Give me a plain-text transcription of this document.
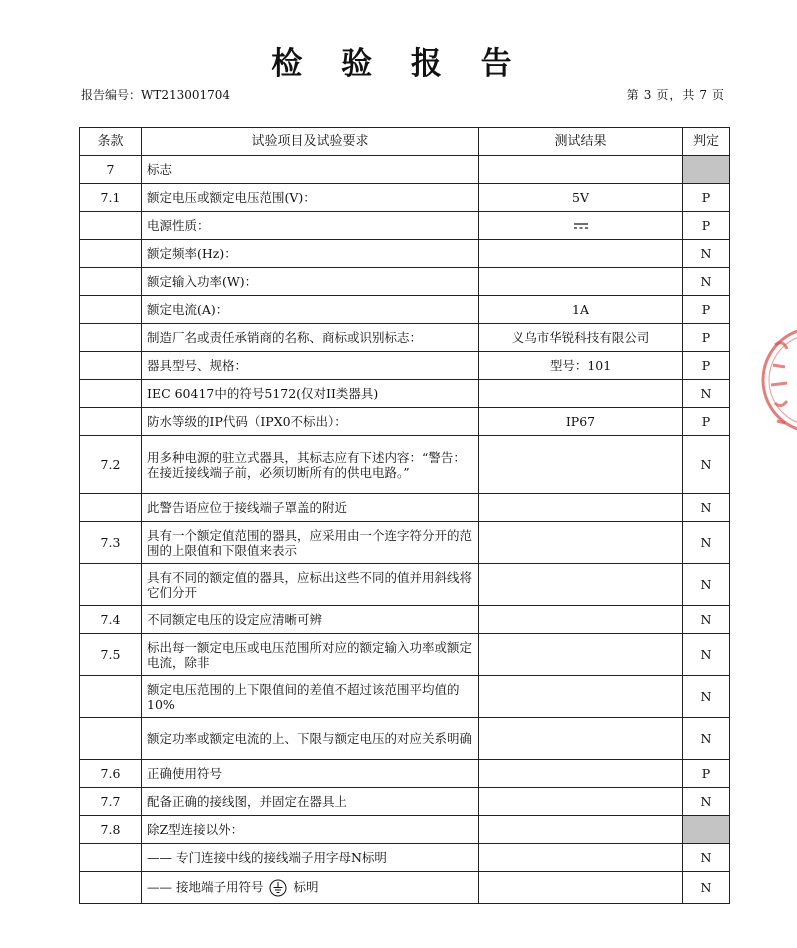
检 验 报 告
报告编号：WT213001704	第 3 页，共 7 页
条款	试验项目及试验要求	测试结果	判定
7	标志		
7.1	额定电压或额定电压范围(V)：	5V	P
	电源性质：		P
	额定频率(Hz)：		N
	额定输入功率(W)：		N
	额定电流(A)：	1A	P
	制造厂名或责任承销商的名称、商标或识别标志：	义乌市华锐科技有限公司	P
	器具型号、规格：	型号：101	P
	IEC 60417中的符号5172(仅对II类器具)		N
	防水等级的IP代码（IPX0不标出）：	IP67	P
7.2	用多种电源的驻立式器具，其标志应有下述内容：“警告：在接近接线端子前，必须切断所有的供电电路。”		N
	此警告语应位于接线端子罩盖的附近		N
7.3	具有一个额定值范围的器具，应采用由一个连字符分开的范围的上限值和下限值来表示		N
	具有不同的额定值的器具，应标出这些不同的值并用斜线将它们分开		N
7.4	不同额定电压的设定应清晰可辨		N
7.5	标出每一额定电压或电压范围所对应的额定输入功率或额定电流，除非		N
	额定电压范围的上下限值间的差值不超过该范围平均值的10%		N
	额定功率或额定电流的上、下限与额定电压的对应关系明确		N
7.6	正确使用符号		P
7.7	配备正确的接线图，并固定在器具上		N
7.8	除Z型连接以外：		
	—— 专门连接中线的接线端子用字母N标明		N
	—— 接地端子用符号 标明		N
